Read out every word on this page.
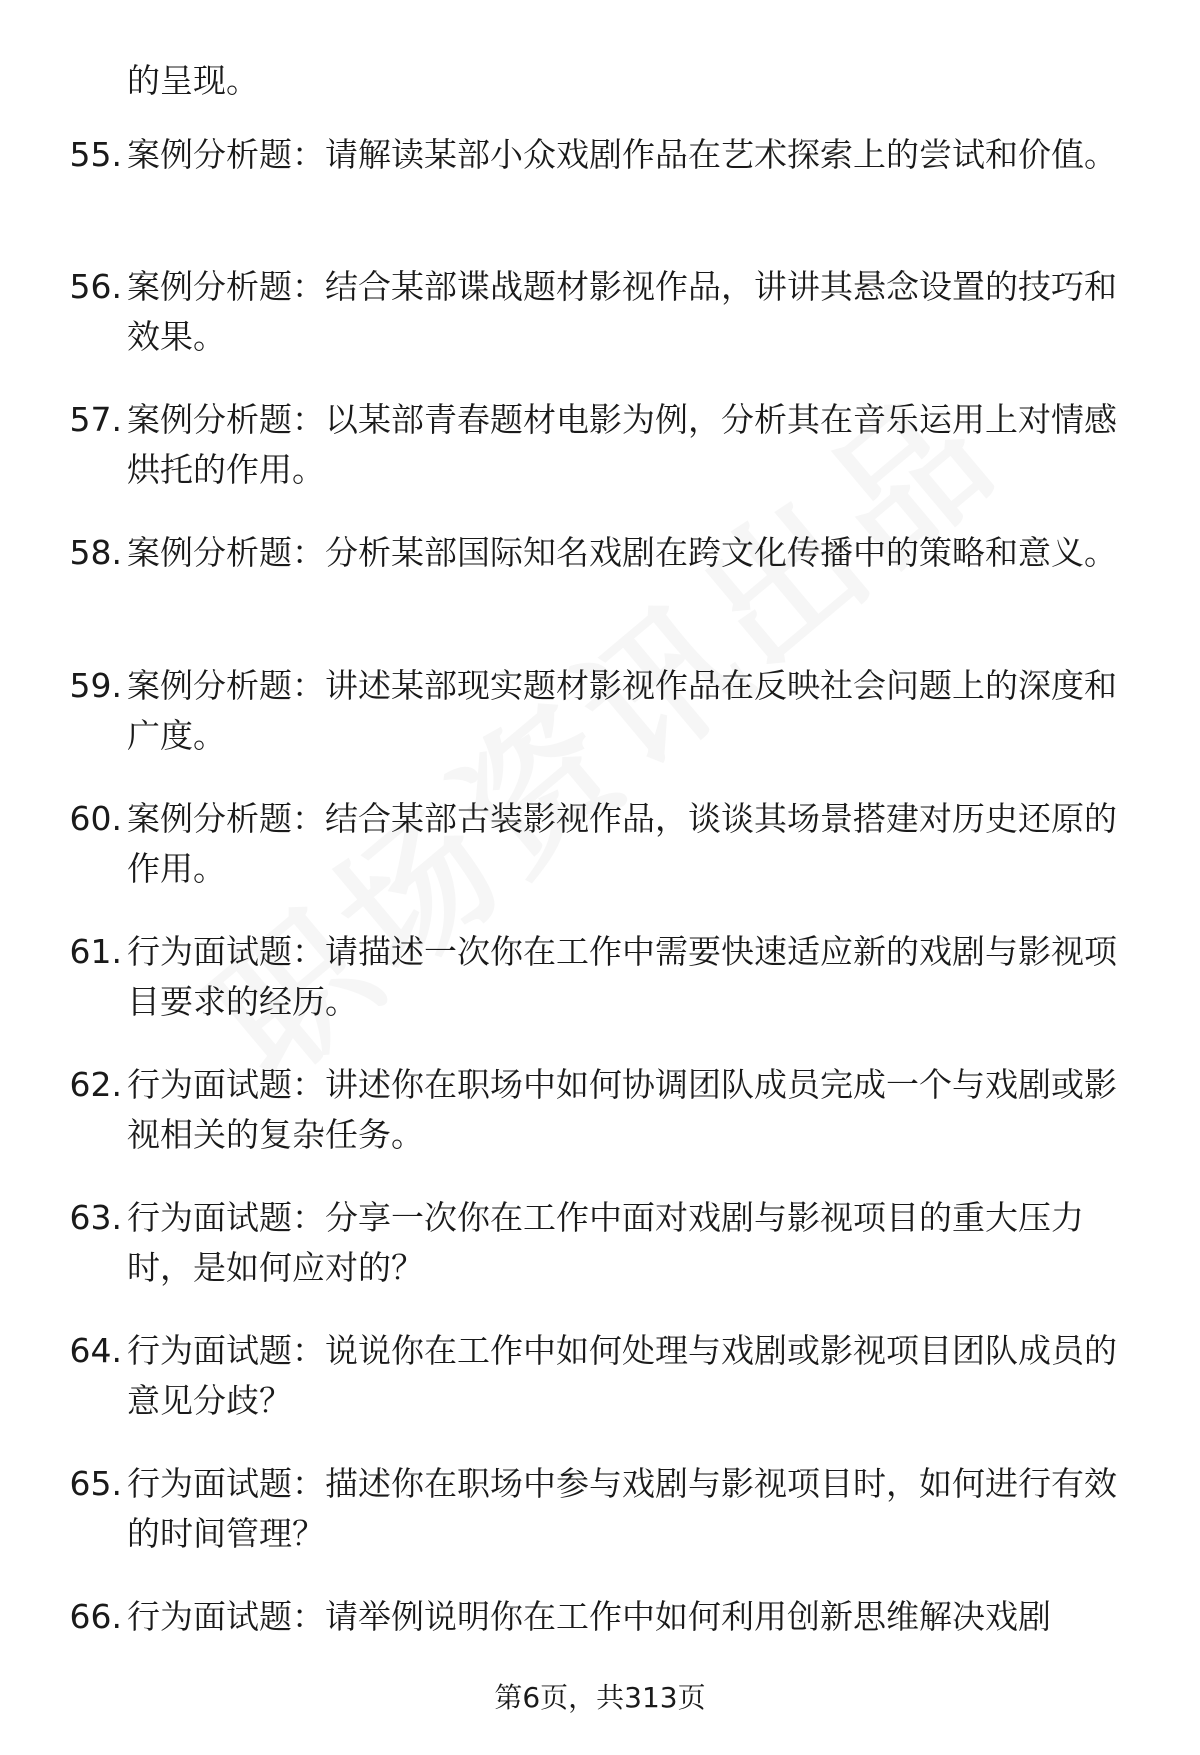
的呈现。

55. 案例分析题：请解读某部小众戏剧作品在艺术探索上的尝试和价值。

56. 案例分析题：结合某部谍战题材影视作品，讲讲其悬念设置的技巧和效果。

57. 案例分析题：以某部青春题材电影为例，分析其在音乐运用上对情感烘托的作用。

58. 案例分析题：分析某部国际知名戏剧在跨文化传播中的策略和意义。

59. 案例分析题：讲述某部现实题材影视作品在反映社会问题上的深度和广度。

60. 案例分析题：结合某部古装影视作品，谈谈其场景搭建对历史还原的作用。

61. 行为面试题：请描述一次你在工作中需要快速适应新的戏剧与影视项目要求的经历。

62. 行为面试题：讲述你在职场中如何协调团队成员完成一个与戏剧或影视相关的复杂任务。

63. 行为面试题：分享一次你在工作中面对戏剧与影视项目的重大压力时，是如何应对的？

64. 行为面试题：说说你在工作中如何处理与戏剧或影视项目团队成员的意见分歧？

65. 行为面试题：描述你在职场中参与戏剧与影视项目时，如何进行有效的时间管理？

66. 行为面试题：请举例说明你在工作中如何利用创新思维解决戏剧

第6页，共313页
